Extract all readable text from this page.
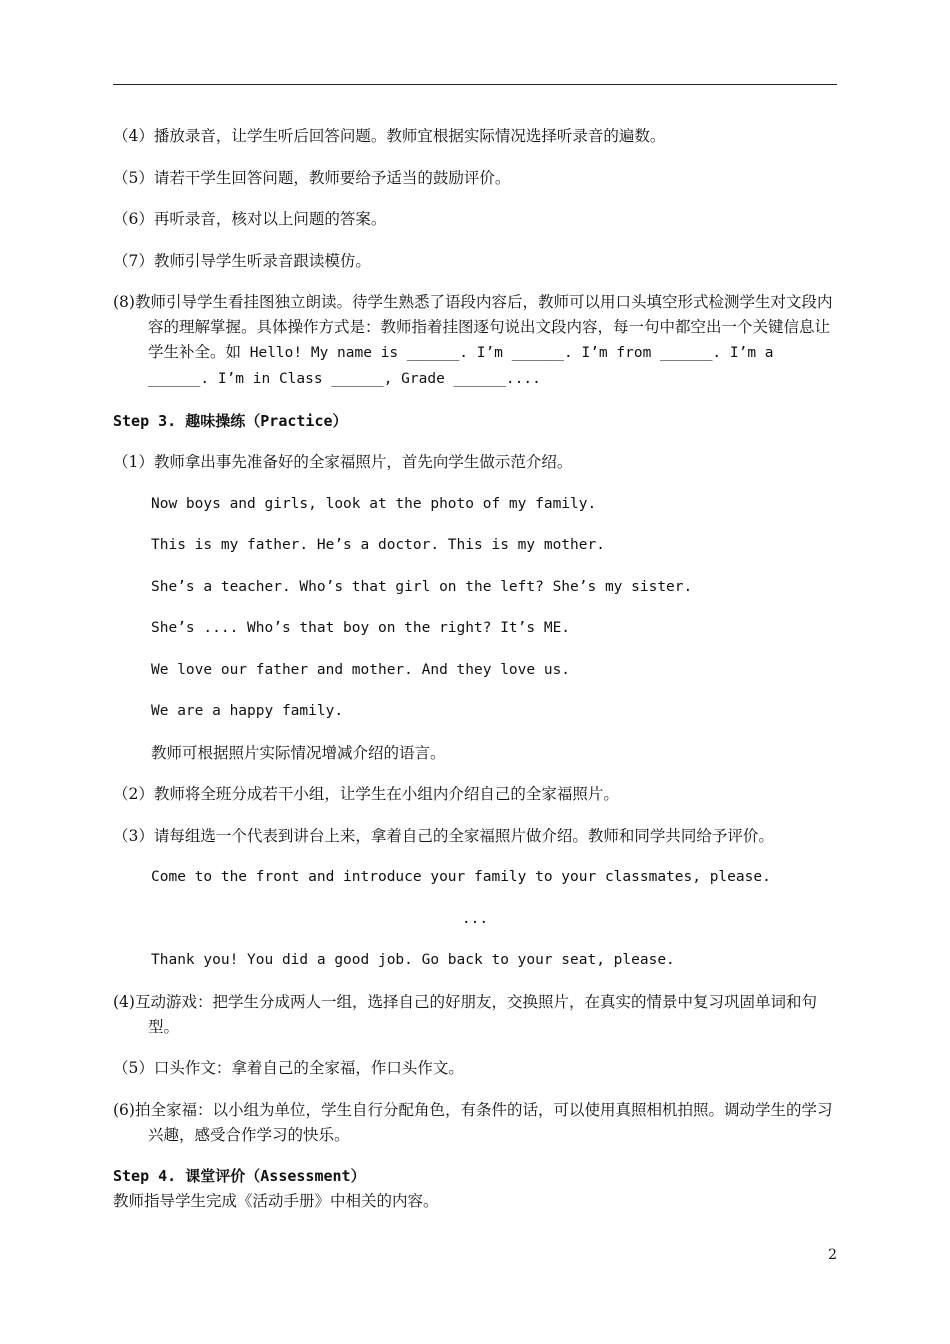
（4）播放录音，让学生听后回答问题。教师宜根据实际情况选择听录音的遍数。

（5）请若干学生回答问题，教师要给予适当的鼓励评价。

（6）再听录音，核对以上问题的答案。

（7）教师引导学生听录音跟读模仿。

(8)教师引导学生看挂图独立朗读。待学生熟悉了语段内容后，教师可以用口头填空形式检测学生对文段内容的理解掌握。具体操作方式是：教师指着挂图逐句说出文段内容，每一句中都空出一个关键信息让学生补全。如 Hello! My name is ______. I’m ______. I’m from ______. I’m a ______. I’m in Class ______, Grade ______....

Step 3. 趣味操练（Practice）

（1）教师拿出事先准备好的全家福照片，首先向学生做示范介绍。

Now boys and girls, look at the photo of my family.

This is my father. He’s a doctor. This is my mother.

She’s a teacher. Who’s that girl on the left? She’s my sister.

She’s .... Who’s that boy on the right? It’s ME.

We love our father and mother. And they love us.

We are a happy family.

教师可根据照片实际情况增减介绍的语言。

（2）教师将全班分成若干小组，让学生在小组内介绍自己的全家福照片。

（3）请每组选一个代表到讲台上来，拿着自己的全家福照片做介绍。教师和同学共同给予评价。

Come to the front and introduce your family to your classmates, please.

...

Thank you! You did a good job. Go back to your seat, please.

(4)互动游戏：把学生分成两人一组，选择自己的好朋友，交换照片，在真实的情景中复习巩固单词和句型。

（5）口头作文：拿着自己的全家福，作口头作文。

(6)拍全家福：以小组为单位，学生自行分配角色，有条件的话，可以使用真照相机拍照。调动学生的学习兴趣，感受合作学习的快乐。

Step 4. 课堂评价（Assessment）

教师指导学生完成《活动手册》中相关的内容。

2
